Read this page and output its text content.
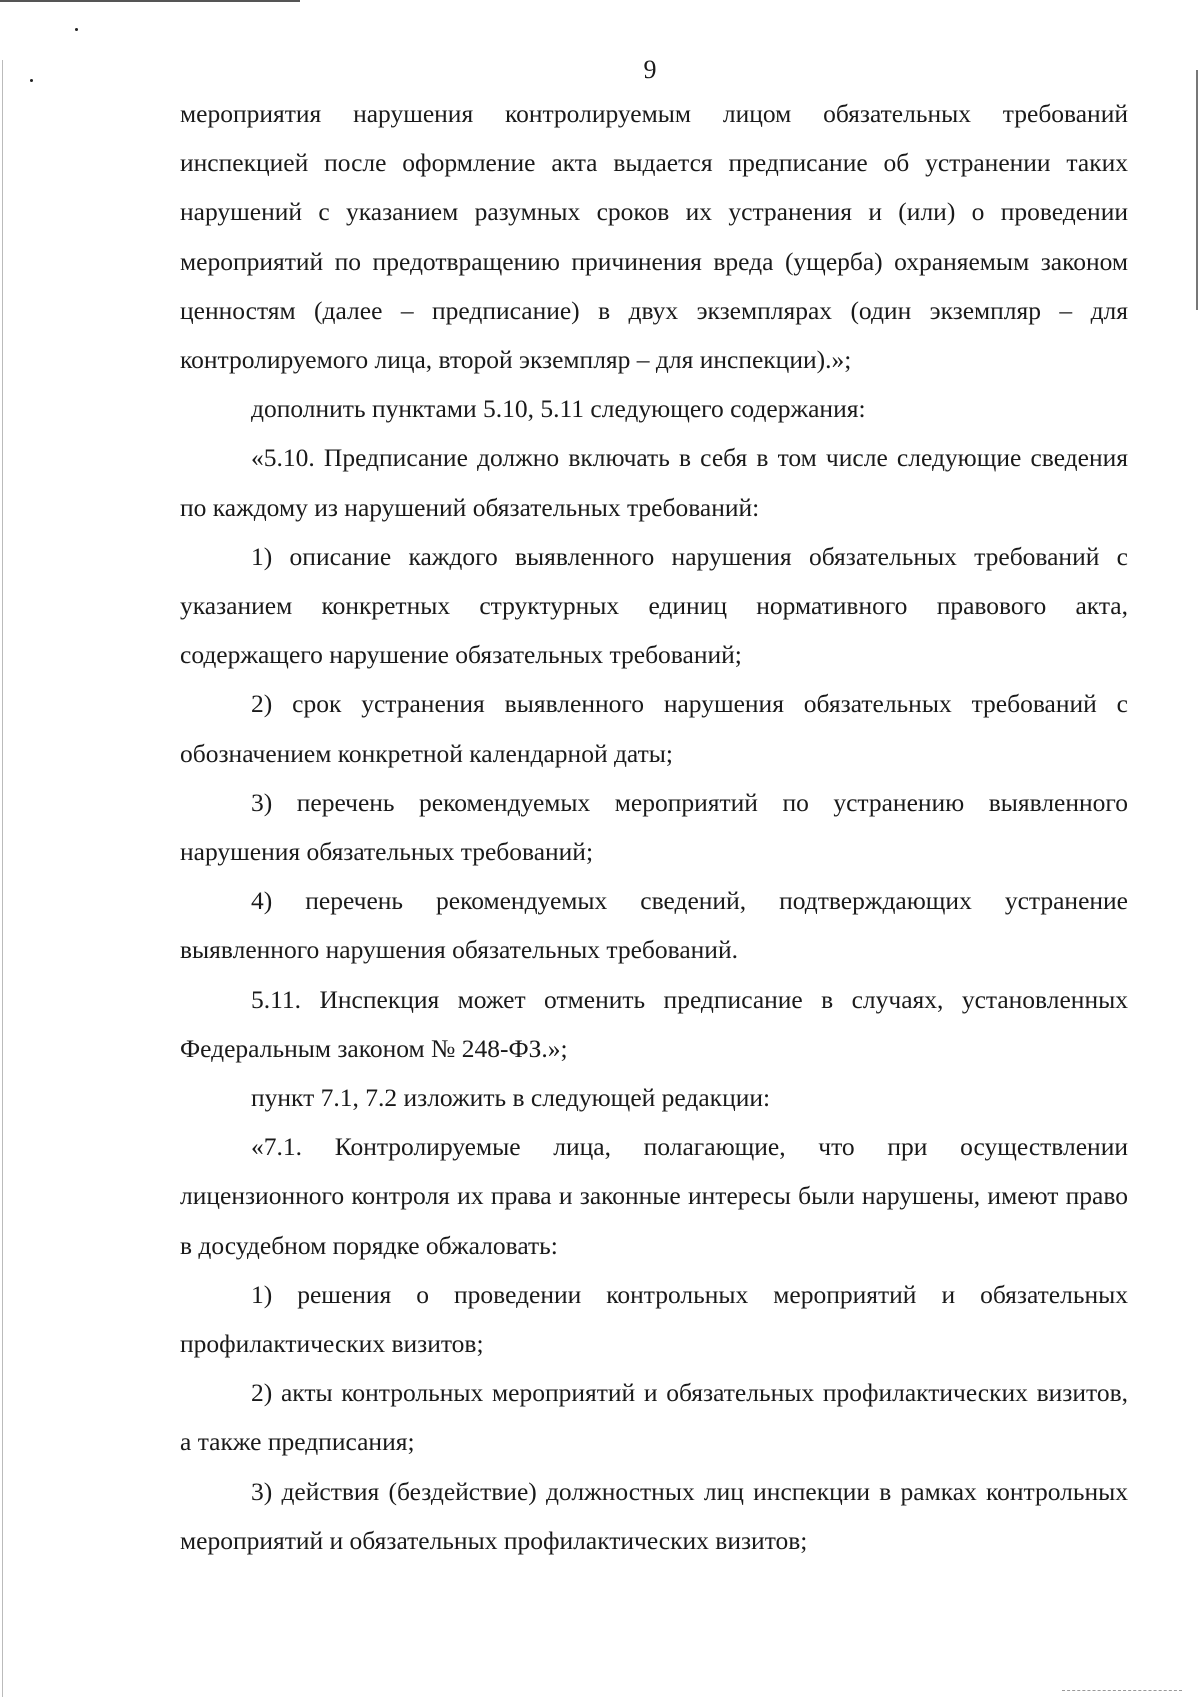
9

мероприятия нарушения контролируемым лицом обязательных требований инспекцией после оформление акта выдается предписание об устранении таких нарушений с указанием разумных сроков их устранения и (или) о проведении мероприятий по предотвращению причинения вреда (ущерба) охраняемым законом ценностям (далее – предписание) в двух экземплярах (один экземпляр – для контролируемого лица, второй экземпляр – для инспекции).»;

дополнить пунктами 5.10, 5.11 следующего содержания:

«5.10. Предписание должно включать в себя в том числе следующие сведения по каждому из нарушений обязательных требований:

1) описание каждого выявленного нарушения обязательных требований с указанием конкретных структурных единиц нормативного правового акта, содержащего нарушение обязательных требований;

2) срок устранения выявленного нарушения обязательных требований с обозначением конкретной календарной даты;

3) перечень рекомендуемых мероприятий по устранению выявленного нарушения обязательных требований;

4) перечень рекомендуемых сведений, подтверждающих устранение выявленного нарушения обязательных требований.

5.11. Инспекция может отменить предписание в случаях, установленных Федеральным законом № 248-ФЗ.»;

пункт 7.1, 7.2 изложить в следующей редакции:

«7.1. Контролируемые лица, полагающие, что при осуществлении лицензионного контроля их права и законные интересы были нарушены, имеют право в досудебном порядке обжаловать:

1) решения о проведении контрольных мероприятий и обязательных профилактических визитов;

2) акты контрольных мероприятий и обязательных профилактических визитов, а также предписания;

3) действия (бездействие) должностных лиц инспекции в рамках контрольных мероприятий и обязательных профилактических визитов;
